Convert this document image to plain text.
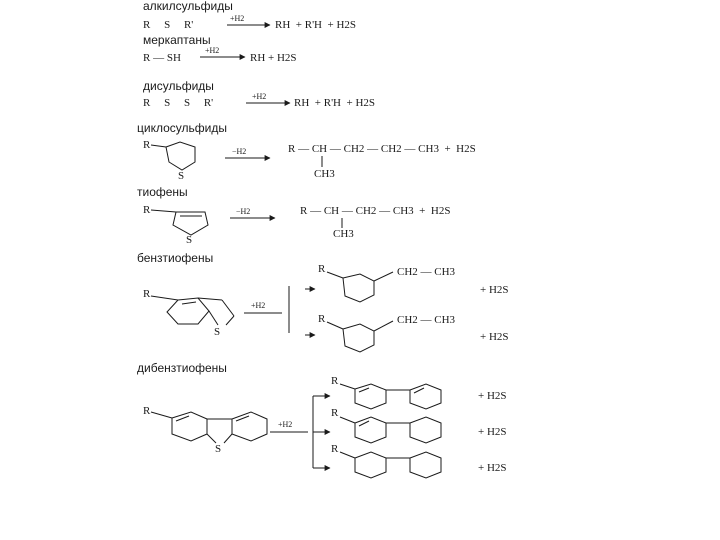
алкилсульфиды
R     S     R'
+H2
RH  + R'H  + H2S
меркаптаны
R — SH
+H2
RH + H2S
дисульфиды
R     S     S     R'
+H2
RH  + R'H  + H2S
циклосульфиды
R
S
−H2	R — CH — CH2 — CH2 — CH3  +  H2S
CH3
тиофены
R
S
−H2	R — CH — CH2 — CH3  +  H2S
CH3
бензтиофены
R
S
+H2
R	CH2 — CH3
+ H2S
R	CH2 — CH3
+ H2S
дибензтиофены
R
S
+H2
R
+ H2S
R
+ H2S
R
+ H2S
